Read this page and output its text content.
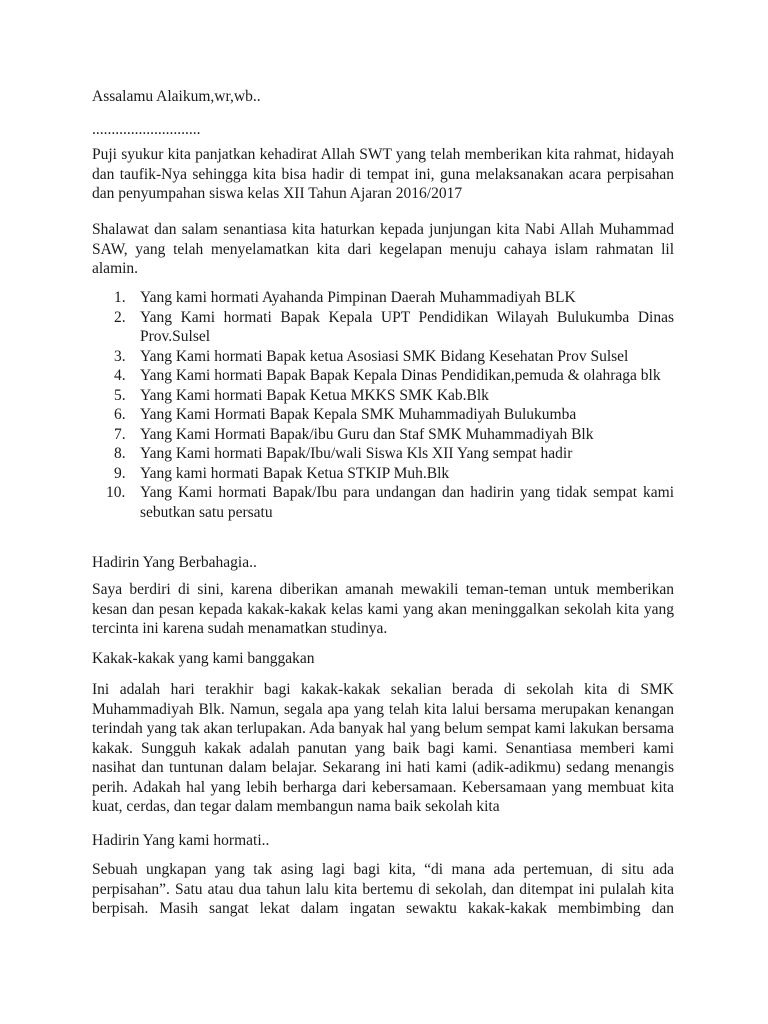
Assalamu Alaikum,wr,wb..

............................

Puji syukur kita panjatkan kehadirat Allah SWT yang telah memberikan kita rahmat, hidayah dan taufik-Nya sehingga kita bisa hadir di tempat ini, guna melaksanakan acara perpisahan dan penyumpahan siswa kelas XII Tahun Ajaran 2016/2017

Shalawat dan salam senantiasa kita haturkan kepada junjungan kita Nabi Allah Muhammad SAW, yang telah menyelamatkan kita dari kegelapan menuju cahaya islam rahmatan lil alamin.

1. Yang kami hormati Ayahanda Pimpinan Daerah Muhammadiyah BLK
2. Yang Kami hormati Bapak Kepala UPT Pendidikan Wilayah Bulukumba Dinas Prov.Sulsel
3. Yang Kami hormati Bapak ketua Asosiasi SMK Bidang Kesehatan Prov Sulsel
4. Yang Kami hormati Bapak Bapak Kepala Dinas Pendidikan,pemuda & olahraga blk
5. Yang Kami hormati Bapak Ketua MKKS SMK Kab.Blk
6. Yang Kami Hormati Bapak Kepala SMK Muhammadiyah Bulukumba
7. Yang Kami Hormati Bapak/ibu Guru dan Staf SMK Muhammadiyah Blk
8. Yang Kami hormati Bapak/Ibu/wali Siswa Kls XII Yang sempat hadir
9. Yang kami hormati Bapak Ketua STKIP Muh.Blk
10. Yang Kami hormati Bapak/Ibu para undangan dan hadirin yang tidak sempat kami sebutkan satu persatu

Hadirin Yang Berbahagia..

Saya berdiri di sini, karena diberikan amanah mewakili teman-teman untuk memberikan kesan dan pesan kepada kakak-kakak kelas kami yang akan meninggalkan sekolah kita yang tercinta ini karena sudah menamatkan studinya.

Kakak-kakak yang kami banggakan

Ini adalah hari terakhir bagi kakak-kakak sekalian berada di sekolah kita di SMK Muhammadiyah Blk. Namun, segala apa yang telah kita lalui bersama merupakan kenangan terindah yang tak akan terlupakan. Ada banyak hal yang belum sempat kami lakukan bersama kakak. Sungguh kakak adalah panutan yang baik bagi kami. Senantiasa memberi kami nasihat dan tuntunan dalam belajar. Sekarang ini hati kami (adik-adikmu) sedang menangis perih. Adakah hal yang lebih berharga dari kebersamaan. Kebersamaan yang membuat kita kuat, cerdas, dan tegar dalam membangun nama baik sekolah kita

Hadirin Yang kami hormati..

Sebuah ungkapan yang tak asing lagi bagi kita, “di mana ada pertemuan, di situ ada perpisahan”. Satu atau dua tahun lalu kita bertemu di sekolah, dan ditempat ini pulalah kita berpisah. Masih sangat lekat dalam ingatan sewaktu kakak-kakak membimbing dan
